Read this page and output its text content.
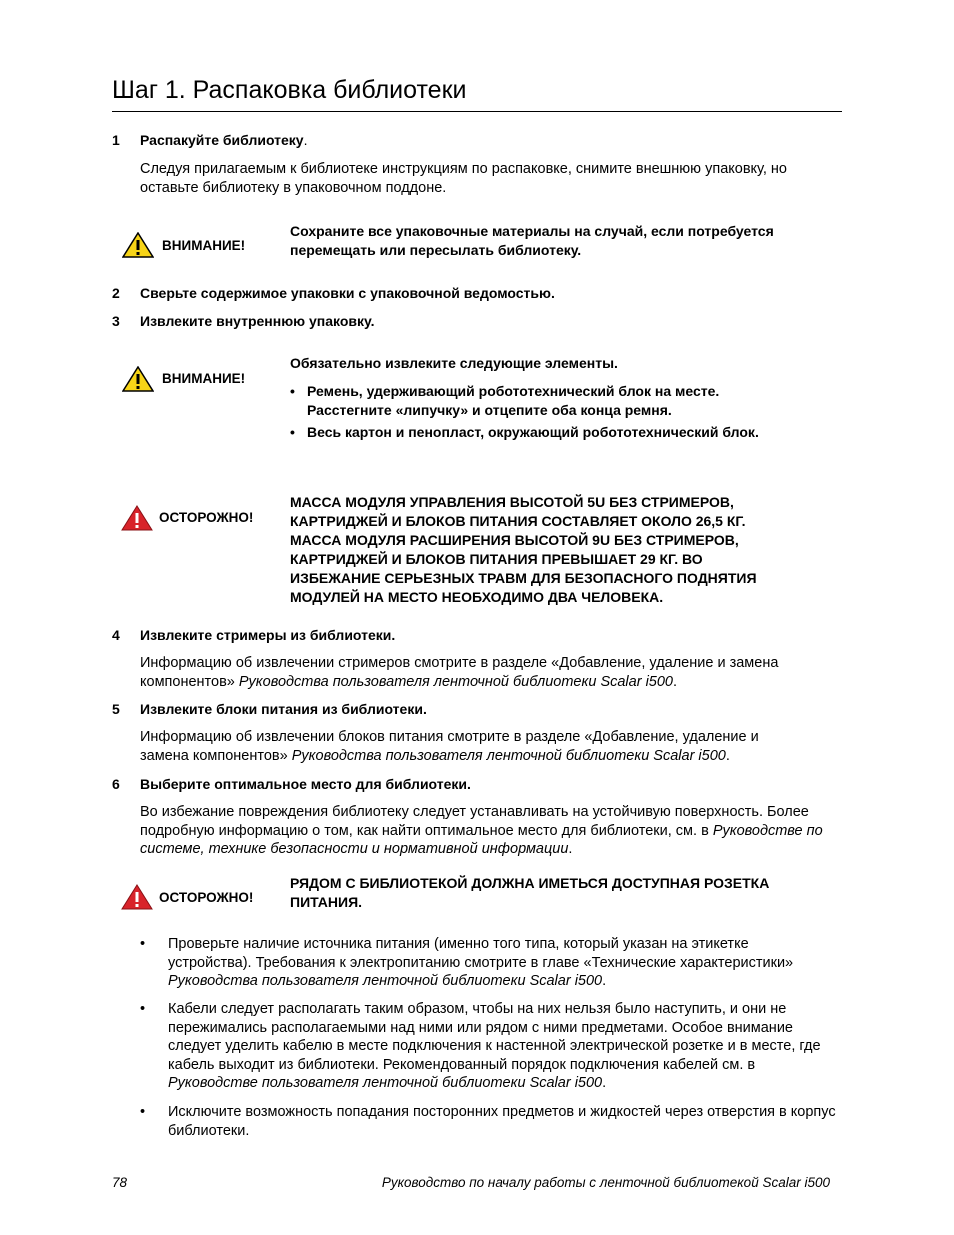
Шаг 1. Распаковка библиотеки
1 Распакуйте библиотеку.
Следуя прилагаемым к библиотеке инструкциям по распаковке, снимите внешнюю упаковку, но оставьте библиотеку в упаковочном поддоне.
ВНИМАНИЕ!
Сохраните все упаковочные материалы на случай, если потребуется перемещать или пересылать библиотеку.
2 Сверьте содержимое упаковки с упаковочной ведомостью.
3 Извлеките внутреннюю упаковку.
ВНИМАНИЕ!
Обязательно извлеките следующие элементы.
• Ремень, удерживающий робототехнический блок на месте. Расстегните «липучку» и отцепите оба конца ремня.
• Весь картон и пенопласт, окружающий робототехнический блок.
ОСТОРОЖНО!
МАССА МОДУЛЯ УПРАВЛЕНИЯ ВЫСОТОЙ 5U БЕЗ СТРИМЕРОВ, КАРТРИДЖЕЙ И БЛОКОВ ПИТАНИЯ СОСТАВЛЯЕТ ОКОЛО 26,5 КГ. МАССА МОДУЛЯ РАСШИРЕНИЯ ВЫСОТОЙ 9U БЕЗ СТРИМЕРОВ, КАРТРИДЖЕЙ И БЛОКОВ ПИТАНИЯ ПРЕВЫШАЕТ 29 КГ. ВО ИЗБЕЖАНИЕ СЕРЬЕЗНЫХ ТРАВМ ДЛЯ БЕЗОПАСНОГО ПОДНЯТИЯ МОДУЛЕЙ НА МЕСТО НЕОБХОДИМО ДВА ЧЕЛОВЕКА.
4 Извлеките стримеры из библиотеки.
Информацию об извлечении стримеров смотрите в разделе «Добавление, удаление и замена компонентов» Руководства пользователя ленточной библиотеки Scalar i500.
5 Извлеките блоки питания из библиотеки.
Информацию об извлечении блоков питания смотрите в разделе «Добавление, удаление и замена компонентов» Руководства пользователя ленточной библиотеки Scalar i500.
6 Выберите оптимальное место для библиотеки.
Во избежание повреждения библиотеку следует устанавливать на устойчивую поверхность. Более подробную информацию о том, как найти оптимальное место для библиотеки, см. в Руководстве по системе, технике безопасности и нормативной информации.
ОСТОРОЖНО!
РЯДОМ С БИБЛИОТЕКОЙ ДОЛЖНА ИМЕТЬСЯ ДОСТУПНАЯ РОЗЕТКА ПИТАНИЯ.
• Проверьте наличие источника питания (именно того типа, который указан на этикетке устройства). Требования к электропитанию смотрите в главе «Технические характеристики» Руководства пользователя ленточной библиотеки Scalar i500.
• Кабели следует располагать таким образом, чтобы на них нельзя было наступить, и они не пережимались располагаемыми над ними или рядом с ними предметами. Особое внимание следует уделить кабелю в месте подключения к настенной электрической розетке и в месте, где кабель выходит из библиотеки. Рекомендованный порядок подключения кабелей см. в Руководстве пользователя ленточной библиотеки Scalar i500.
• Исключите возможность попадания посторонних предметов и жидкостей через отверстия в корпус библиотеки.
78	Руководство по началу работы с ленточной библиотекой Scalar i500
